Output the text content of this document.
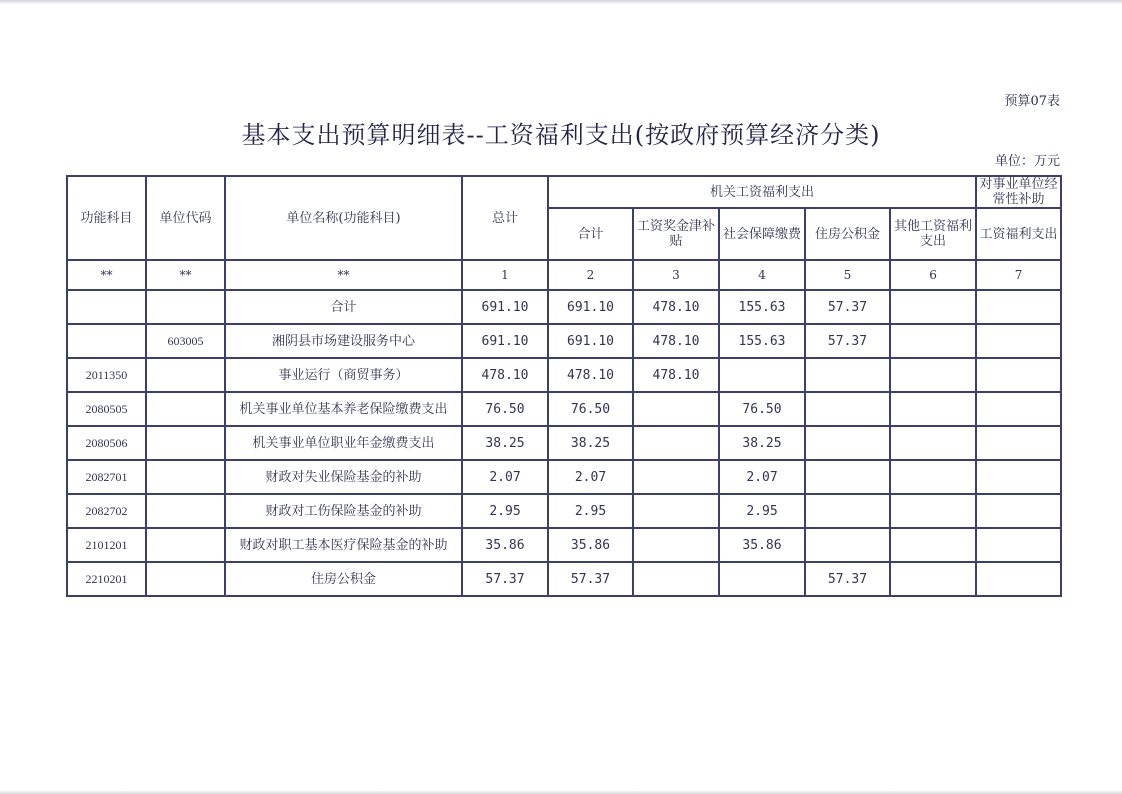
预算07表
基本支出预算明细表--工资福利支出(按政府预算经济分类)
单位：万元
功能科目	单位代码	单位名称(功能科目)	总计	机关工资福利支出					对事业单位经常性补助
				合计	工资奖金津补贴	社会保障缴费	住房公积金	其他工资福利支出	工资福利支出
**	**	**	1	2	3	4	5	6	7
		合计	691.10	691.10	478.10	155.63	57.37		
	603005	湘阴县市场建设服务中心	691.10	691.10	478.10	155.63	57.37		
2011350		事业运行（商贸事务）	478.10	478.10	478.10				
2080505		机关事业单位基本养老保险缴费支出	76.50	76.50		76.50			
2080506		机关事业单位职业年金缴费支出	38.25	38.25		38.25			
2082701		财政对失业保险基金的补助	2.07	2.07		2.07			
2082702		财政对工伤保险基金的补助	2.95	2.95		2.95			
2101201		财政对职工基本医疗保险基金的补助	35.86	35.86		35.86			
2210201		住房公积金	57.37	57.37			57.37		
